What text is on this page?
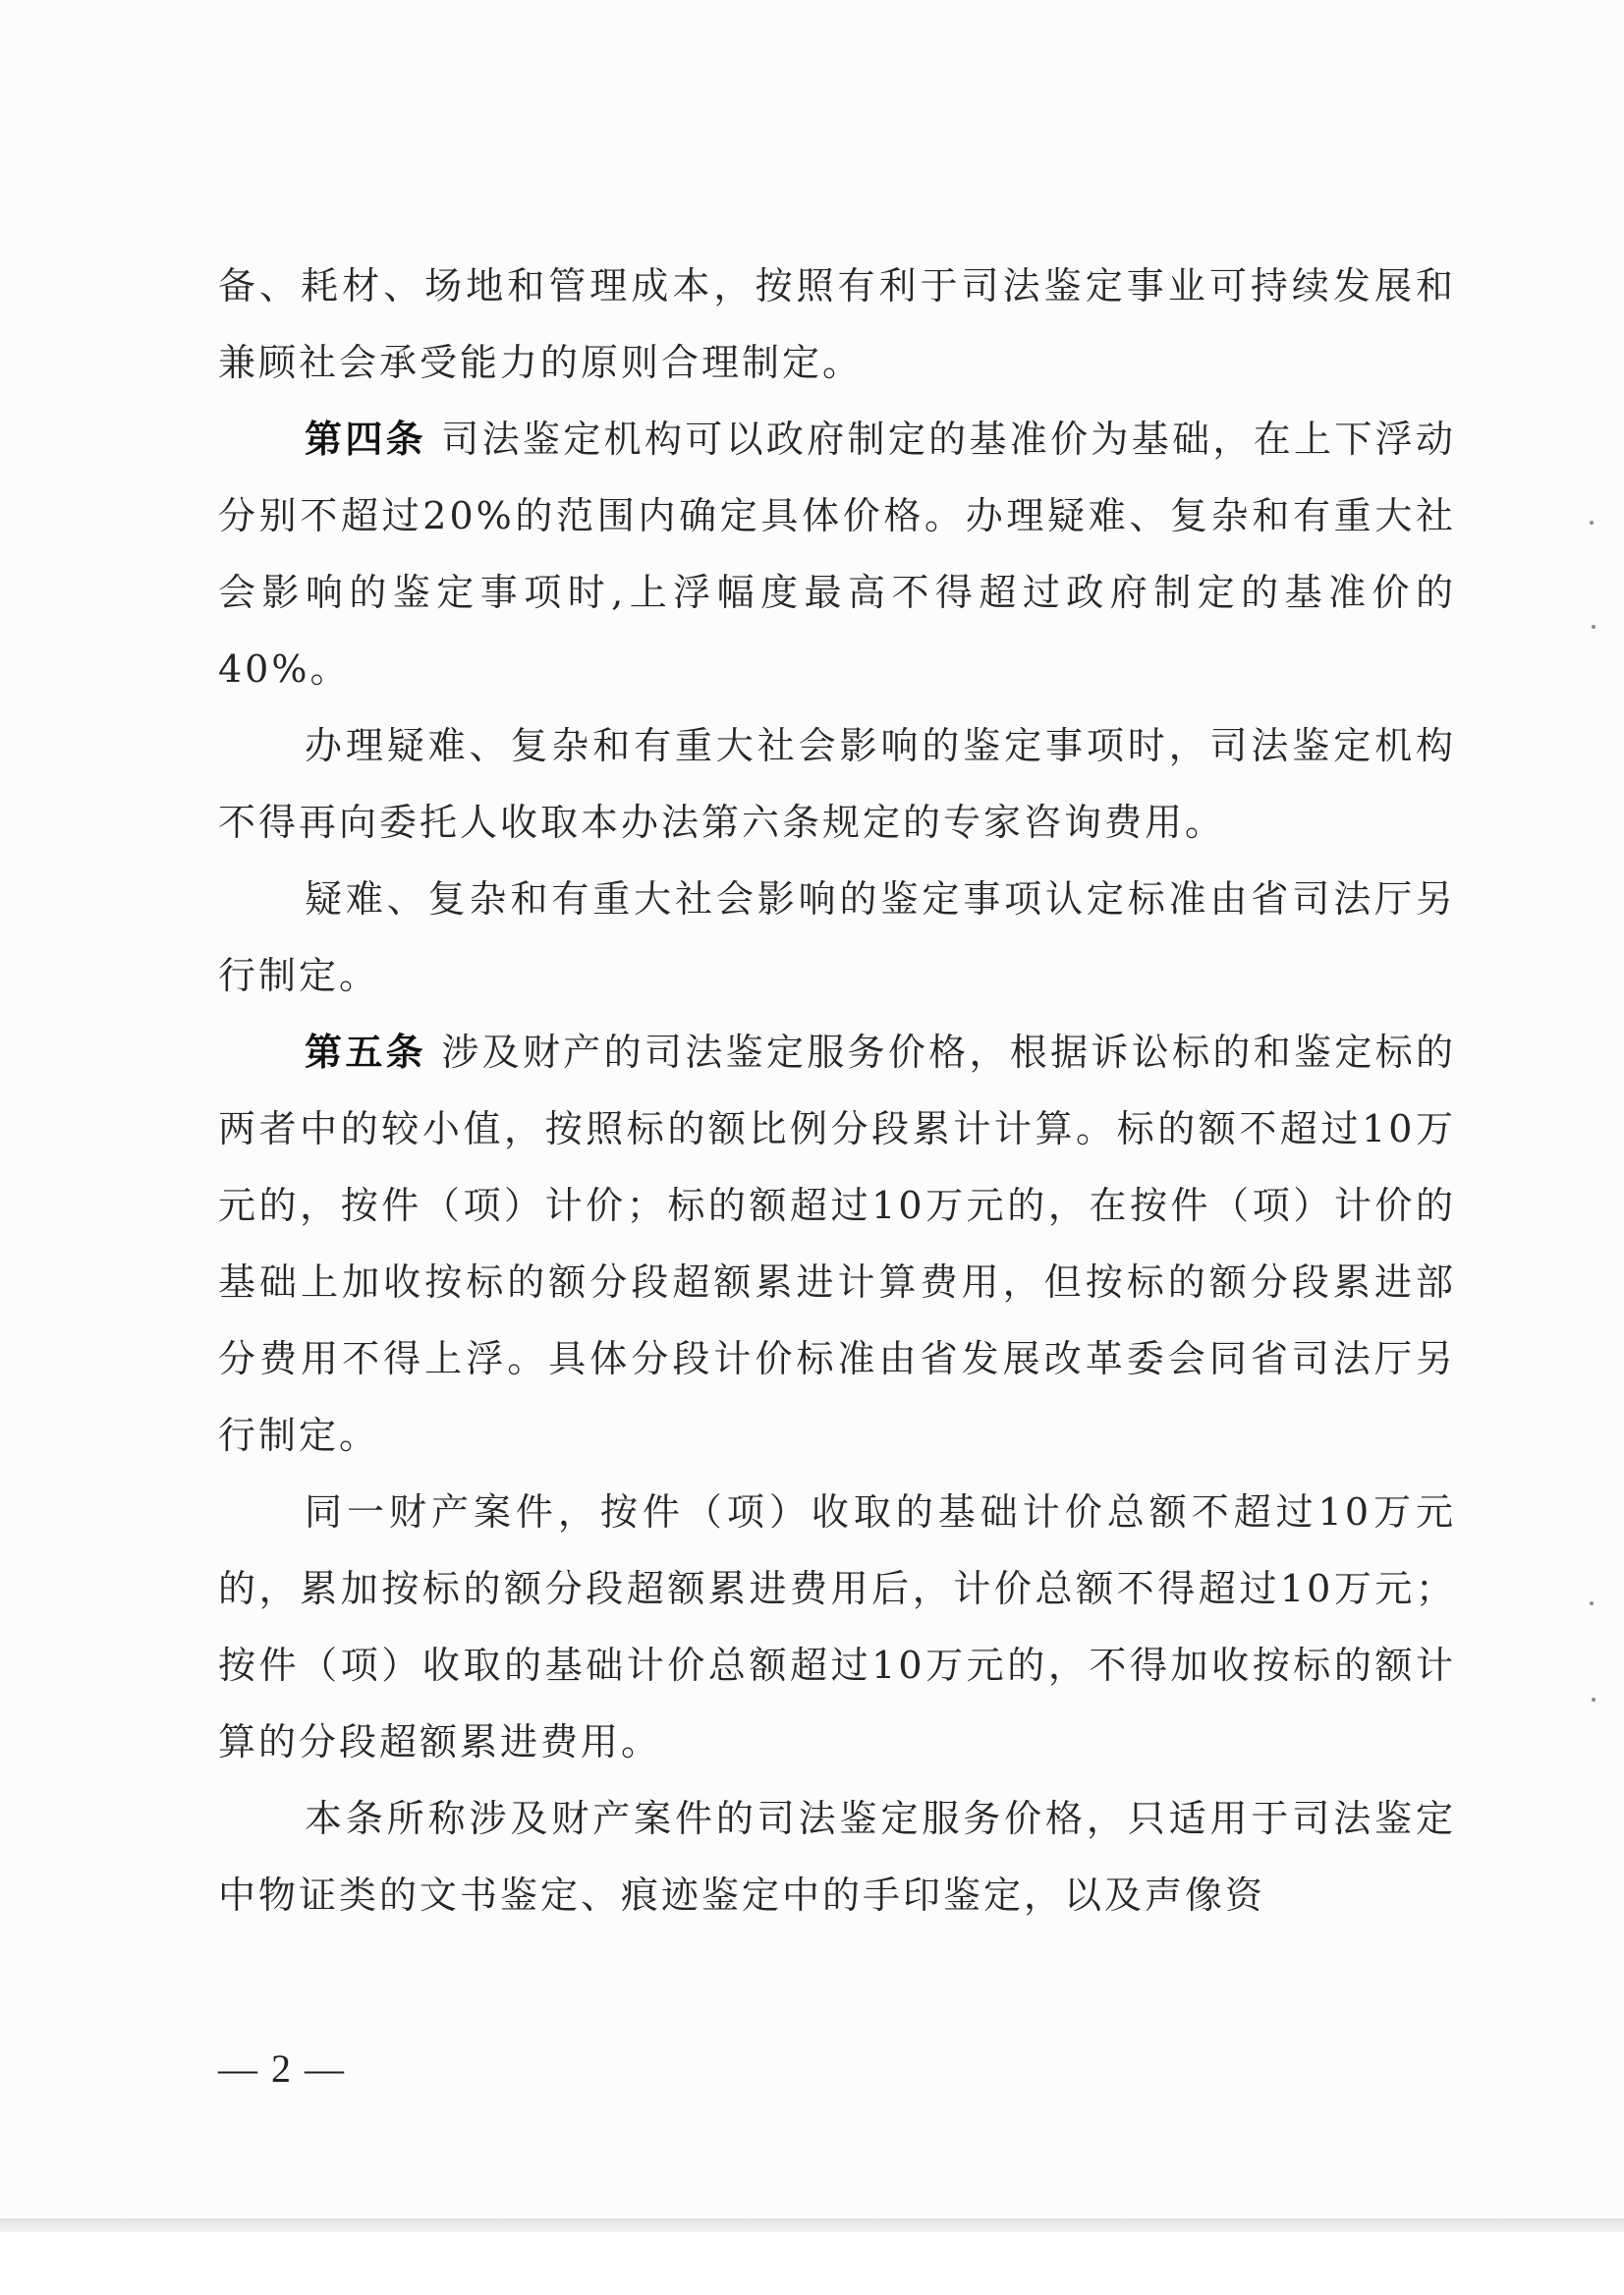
备、耗材、场地和管理成本，按照有利于司法鉴定事业可持续发展和兼顾社会承受能力的原则合理制定。

第四条 司法鉴定机构可以政府制定的基准价为基础，在上下浮动分别不超过20%的范围内确定具体价格。办理疑难、复杂和有重大社会影响的鉴定事项时,上浮幅度最高不得超过政府制定的基准价的40%。

办理疑难、复杂和有重大社会影响的鉴定事项时，司法鉴定机构不得再向委托人收取本办法第六条规定的专家咨询费用。

疑难、复杂和有重大社会影响的鉴定事项认定标准由省司法厅另行制定。

第五条 涉及财产的司法鉴定服务价格，根据诉讼标的和鉴定标的两者中的较小值，按照标的额比例分段累计计算。标的额不超过10万元的，按件（项）计价；标的额超过10万元的，在按件（项）计价的基础上加收按标的额分段超额累进计算费用，但按标的额分段累进部分费用不得上浮。具体分段计价标准由省发展改革委会同省司法厅另行制定。

同一财产案件，按件（项）收取的基础计价总额不超过10万元的，累加按标的额分段超额累进费用后，计价总额不得超过10万元；按件（项）收取的基础计价总额超过10万元的，不得加收按标的额计算的分段超额累进费用。

本条所称涉及财产案件的司法鉴定服务价格，只适用于司法鉴定中物证类的文书鉴定、痕迹鉴定中的手印鉴定，以及声像资

— 2 —
